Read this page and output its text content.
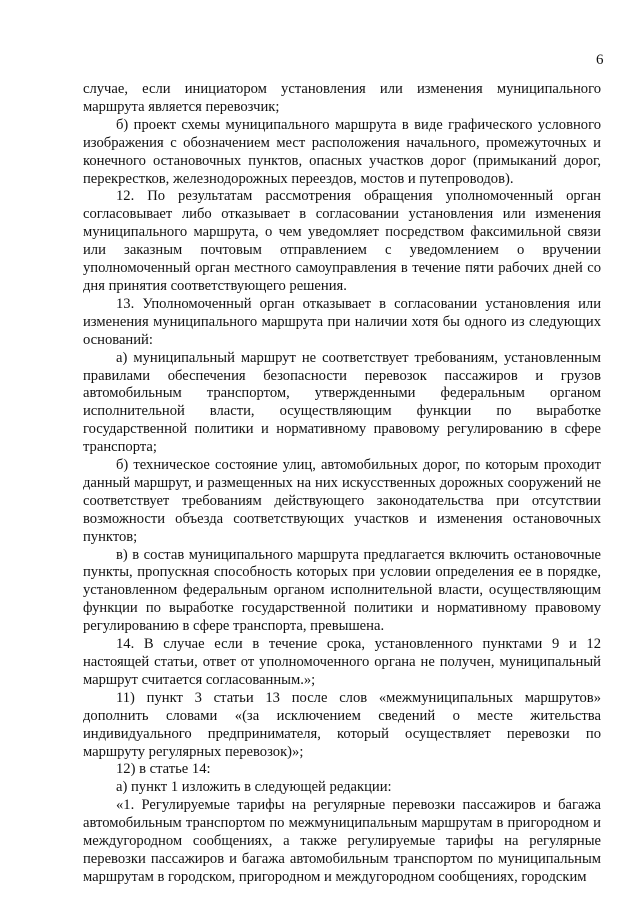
6

случае, если инициатором установления или изменения муниципального маршрута является перевозчик;

б) проект схемы муниципального маршрута в виде графического условного изображения с обозначением мест расположения начального, промежуточных и конечного остановочных пунктов, опасных участков дорог (примыканий дорог, перекрестков, железнодорожных переездов, мостов и путепроводов).

12. По результатам рассмотрения обращения уполномоченный орган согласовывает либо отказывает в согласовании установления или изменения муниципального маршрута, о чем уведомляет посредством факсимильной связи или заказным почтовым отправлением с уведомлением о вручении уполномоченный орган местного самоуправления в течение пяти рабочих дней со дня принятия соответствующего решения.

13. Уполномоченный орган отказывает в согласовании установления или изменения муниципального маршрута при наличии хотя бы одного из следующих оснований:

а) муниципальный маршрут не соответствует требованиям, установленным правилами обеспечения безопасности перевозок пассажиров и грузов автомобильным транспортом, утвержденными федеральным органом исполнительной власти, осуществляющим функции по выработке государственной политики и нормативному правовому регулированию в сфере транспорта;

б) техническое состояние улиц, автомобильных дорог, по которым проходит данный маршрут, и размещенных на них искусственных дорожных сооружений не соответствует требованиям действующего законодательства при отсутствии возможности объезда соответствующих участков и изменения остановочных пунктов;

в) в состав муниципального маршрута предлагается включить остановочные пункты, пропускная способность которых при условии определения ее в порядке, установленном федеральным органом исполнительной власти, осуществляющим функции по выработке государственной политики и нормативному правовому регулированию в сфере транспорта, превышена.

14. В случае если в течение срока, установленного пунктами 9 и 12 настоящей статьи, ответ от уполномоченного органа не получен, муниципальный маршрут считается согласованным.»;

11) пункт 3 статьи 13 после слов «межмуниципальных маршрутов» дополнить словами «(за исключением сведений о месте жительства индивидуального предпринимателя, который осуществляет перевозки по маршруту регулярных перевозок)»;

12) в статье 14:

а) пункт 1 изложить в следующей редакции:

«1. Регулируемые тарифы на регулярные перевозки пассажиров и багажа автомобильным транспортом по межмуниципальным маршрутам в пригородном и междугородном сообщениях, а также регулируемые тарифы на регулярные перевозки пассажиров и багажа автомобильным транспортом по муниципальным маршрутам в городском, пригородном и междугородном сообщениях, городским
